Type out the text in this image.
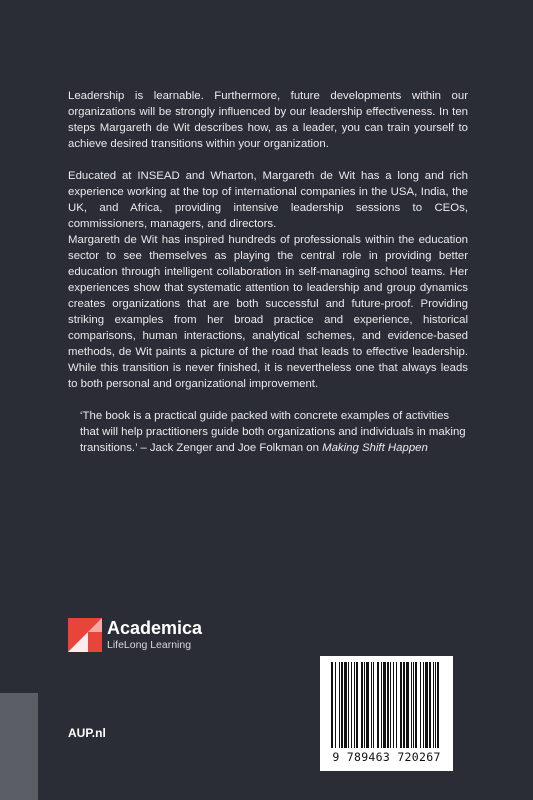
Leadership is learnable. Furthermore, future developments within our organizations will be strongly influenced by our leadership effectiveness. In ten steps Margareth de Wit describes how, as a leader, you can train yourself to achieve desired transitions within your organization.

Educated at INSEAD and Wharton, Margareth de Wit has a long and rich experience working at the top of international companies in the USA, India, the UK, and Africa, providing intensive leadership sessions to CEOs, commissioners, managers, and directors.

Margareth de Wit has inspired hundreds of professionals within the education sector to see themselves as playing the central role in providing better education through intelligent collaboration in self-managing school teams. Her experiences show that systematic attention to leadership and group dynamics creates organizations that are both successful and future-proof. Providing striking examples from her broad practice and experience, historical comparisons, human interactions, analytical schemes, and evidence-based methods, de Wit paints a picture of the road that leads to effective leadership. While this transition is never finished, it is nevertheless one that always leads to both personal and organizational improvement.

‘The book is a practical guide packed with concrete examples of activities that will help practitioners guide both organizations and individuals in making transitions.’ – Jack Zenger and Joe Folkman on Making Shift Happen

Academica
LifeLong Learning
AUP.nl
9 789463 720267
